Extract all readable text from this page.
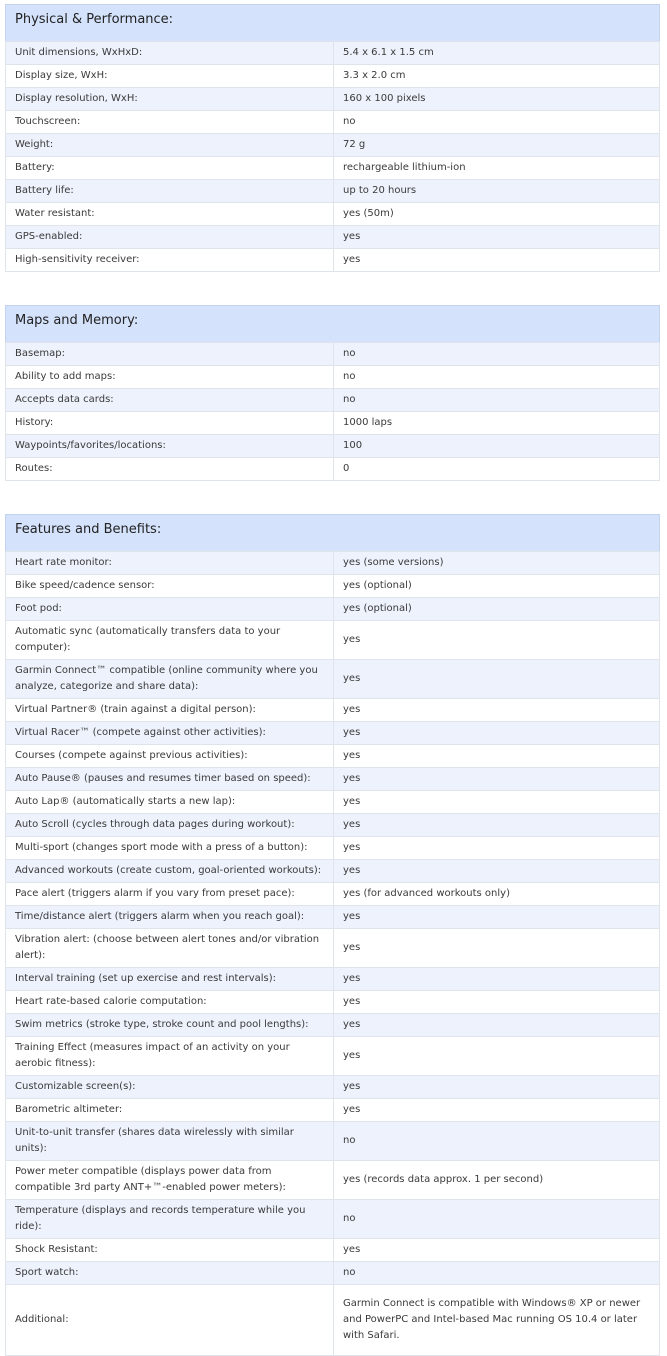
Physical & Performance:
Unit dimensions, WxHxD:	5.4 x 6.1 x 1.5 cm
Display size, WxH:	3.3 x 2.0 cm
Display resolution, WxH:	160 x 100 pixels
Touchscreen:	no
Weight:	72 g
Battery:	rechargeable lithium-ion
Battery life:	up to 20 hours
Water resistant:	yes (50m)
GPS-enabled:	yes
High-sensitivity receiver:	yes
Maps and Memory:
Basemap:	no
Ability to add maps:	no
Accepts data cards:	no
History:	1000 laps
Waypoints/favorites/locations:	100
Routes:	0
Features and Benefits:
Heart rate monitor:	yes (some versions)
Bike speed/cadence sensor:	yes (optional)
Foot pod:	yes (optional)
Automatic sync (automatically transfers data to your computer):	yes
Garmin Connect™ compatible (online community where you analyze, categorize and share data):	yes
Virtual Partner® (train against a digital person):	yes
Virtual Racer™ (compete against other activities):	yes
Courses (compete against previous activities):	yes
Auto Pause® (pauses and resumes timer based on speed):	yes
Auto Lap® (automatically starts a new lap):	yes
Auto Scroll (cycles through data pages during workout):	yes
Multi-sport (changes sport mode with a press of a button):	yes
Advanced workouts (create custom, goal-oriented workouts):	yes
Pace alert (triggers alarm if you vary from preset pace):	yes (for advanced workouts only)
Time/distance alert (triggers alarm when you reach goal):	yes
Vibration alert: (choose between alert tones and/or vibration alert):	yes
Interval training (set up exercise and rest intervals):	yes
Heart rate-based calorie computation:	yes
Swim metrics (stroke type, stroke count and pool lengths):	yes
Training Effect (measures impact of an activity on your aerobic fitness):	yes
Customizable screen(s):	yes
Barometric altimeter:	yes
Unit-to-unit transfer (shares data wirelessly with similar units):	no
Power meter compatible (displays power data from compatible 3rd party ANT+™-enabled power meters):	yes (records data approx. 1 per second)
Temperature (displays and records temperature while you ride):	no
Shock Resistant:	yes
Sport watch:	no
Additional:	Garmin Connect is compatible with Windows® XP or newer and PowerPC and Intel-based Mac running OS 10.4 or later with Safari.
